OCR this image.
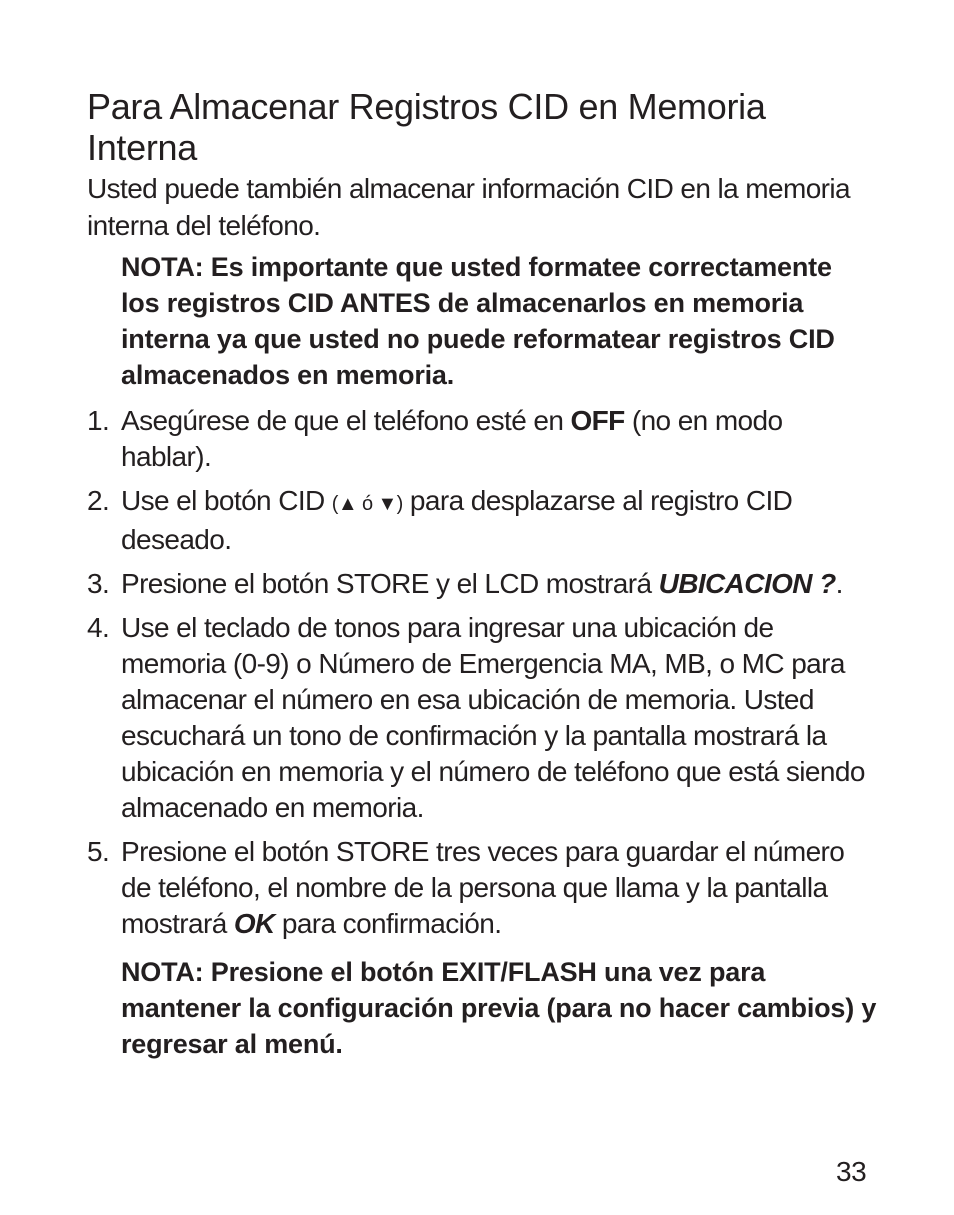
Para Almacenar Registros CID en Memoria Interna

Usted puede también almacenar información CID en la memoria interna del teléfono.

NOTA: Es importante que usted formatee correctamente los registros CID ANTES de almacenarlos en memoria interna ya que usted no puede reformatear registros CID almacenados en memoria.

1. Asegúrese de que el teléfono esté en OFF (no en modo hablar).
2. Use el botón CID (▲ ó ▼) para desplazarse al registro CID deseado.
3. Presione el botón STORE y el LCD mostrará UBICACION ?.
4. Use el teclado de tonos para ingresar una ubicación de memoria (0-9) o Número de Emergencia MA, MB, o MC para almacenar el número en esa ubicación de memoria. Usted escuchará un tono de confirmación y la pantalla mostrará la ubicación en memoria y el número de teléfono que está siendo almacenado en memoria.
5. Presione el botón STORE tres veces para guardar el número de teléfono, el nombre de la persona que llama y la pantalla mostrará OK para confirmación.

NOTA: Presione el botón EXIT/FLASH una vez para mantener la configuración previa (para no hacer cambios) y regresar al menú.

33
